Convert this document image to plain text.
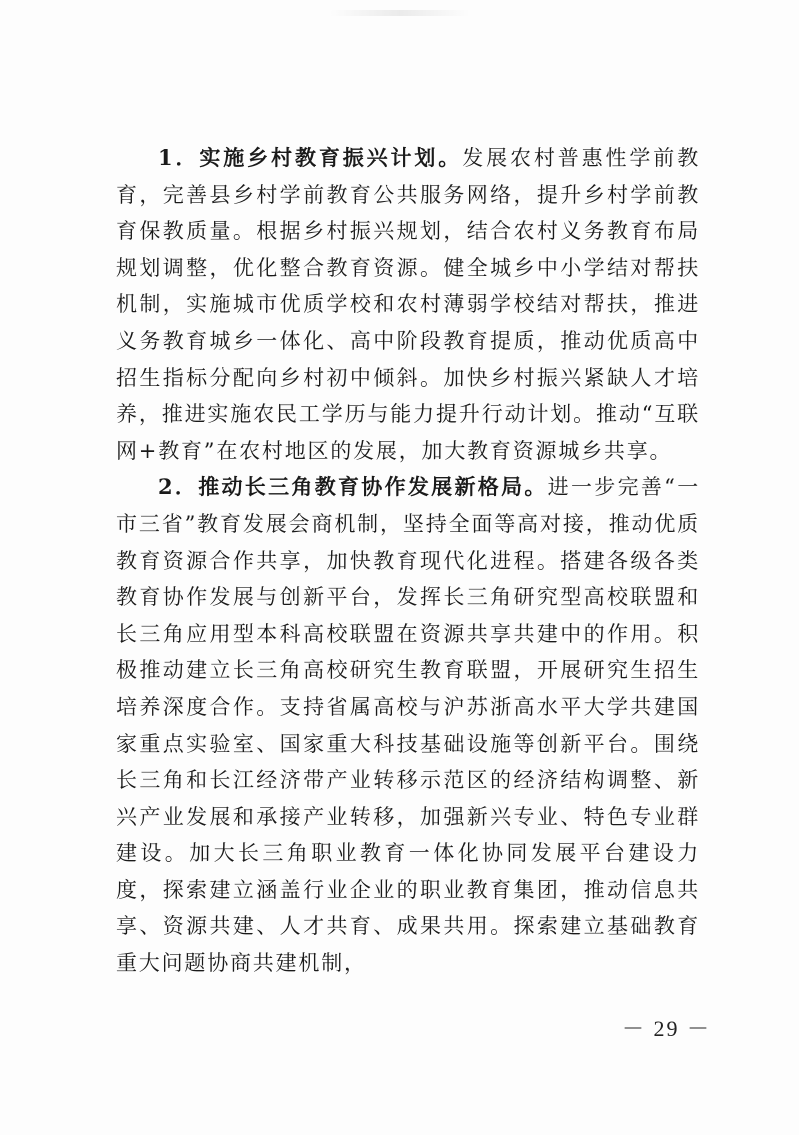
1．实施乡村教育振兴计划。发展农村普惠性学前教育，完善县乡村学前教育公共服务网络，提升乡村学前教育保教质量。根据乡村振兴规划，结合农村义务教育布局规划调整，优化整合教育资源。健全城乡中小学结对帮扶机制，实施城市优质学校和农村薄弱学校结对帮扶，推进义务教育城乡一体化、高中阶段教育提质，推动优质高中招生指标分配向乡村初中倾斜。加快乡村振兴紧缺人才培养，推进实施农民工学历与能力提升行动计划。推动“互联网+教育”在农村地区的发展，加大教育资源城乡共享。

2．推动长三角教育协作发展新格局。进一步完善“一市三省”教育发展会商机制，坚持全面等高对接，推动优质教育资源合作共享，加快教育现代化进程。搭建各级各类教育协作发展与创新平台，发挥长三角研究型高校联盟和长三角应用型本科高校联盟在资源共享共建中的作用。积极推动建立长三角高校研究生教育联盟，开展研究生招生培养深度合作。支持省属高校与沪苏浙高水平大学共建国家重点实验室、国家重大科技基础设施等创新平台。围绕长三角和长江经济带产业转移示范区的经济结构调整、新兴产业发展和承接产业转移，加强新兴专业、特色专业群建设。加大长三角职业教育一体化协同发展平台建设力度，探索建立涵盖行业企业的职业教育集团，推动信息共享、资源共建、人才共育、成果共用。探索建立基础教育重大问题协商共建机制，

－ 29 －
